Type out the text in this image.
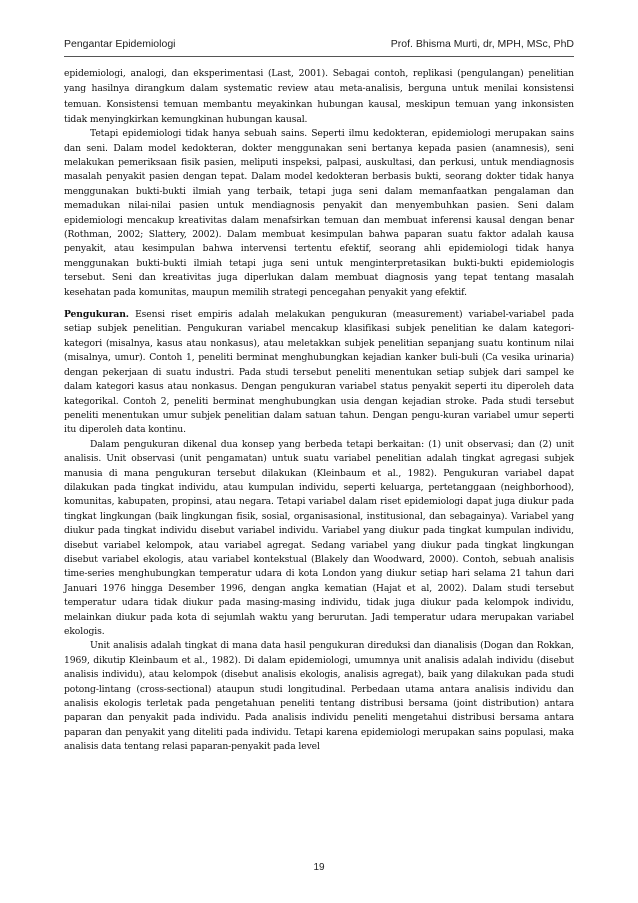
Pengantar Epidemiologi	Prof. Bhisma Murti, dr, MPH, MSc, PhD

epidemiologi, analogi, dan eksperimentasi (Last, 2001). Sebagai contoh, replikasi (pengulangan) penelitian yang hasilnya dirangkum dalam systematic review atau meta-analisis, berguna untuk menilai konsistensi temuan. Konsistensi temuan membantu meyakinkan hubungan kausal, meskipun temuan yang inkonsisten tidak menyingkirkan kemungkinan hubungan kausal.

Tetapi epidemiologi tidak hanya sebuah sains. Seperti ilmu kedokteran, epidemiologi merupakan sains dan seni. Dalam model kedokteran, dokter menggunakan seni bertanya kepada pasien (anamnesis), seni melakukan pemeriksaan fisik pasien, meliputi inspeksi, palpasi, auskultasi, dan perkusi, untuk mendiagnosis masalah penyakit pasien dengan tepat. Dalam model kedokteran berbasis bukti, seorang dokter tidak hanya menggunakan bukti-bukti ilmiah yang terbaik, tetapi juga seni dalam memanfaatkan pengalaman dan memadukan nilai-nilai pasien untuk mendiagnosis penyakit dan menyembuhkan pasien. Seni dalam epidemiologi mencakup kreativitas dalam menafsirkan temuan dan membuat inferensi kausal dengan benar (Rothman, 2002; Slattery, 2002). Dalam membuat kesimpulan bahwa paparan suatu faktor adalah kausa penyakit, atau kesimpulan bahwa intervensi tertentu efektif, seorang ahli epidemiologi tidak hanya menggunakan bukti-bukti ilmiah tetapi juga seni untuk menginterpretasikan bukti-bukti epidemiologis tersebut. Seni dan kreativitas juga diperlukan dalam membuat diagnosis yang tepat tentang masalah kesehatan pada komunitas, maupun memilih strategi pencegahan penyakit yang efektif.

Pengukuran. Esensi riset empiris adalah melakukan pengukuran (measurement) variabel-variabel pada setiap subjek penelitian. Pengukuran variabel mencakup klasifikasi subjek penelitian ke dalam kategori-kategori (misalnya, kasus atau nonkasus), atau meletakkan subjek penelitian sepanjang suatu kontinum nilai (misalnya, umur). Contoh 1, peneliti berminat menghubungkan kejadian kanker buli-buli (Ca vesika urinaria) dengan pekerjaan di suatu industri. Pada studi tersebut peneliti menentukan setiap subjek dari sampel ke dalam kategori kasus atau nonkasus. Dengan pengukuran variabel status penyakit seperti itu diperoleh data kategorikal. Contoh 2, peneliti berminat menghubungkan usia dengan kejadian stroke. Pada studi tersebut peneliti menentukan umur subjek penelitian dalam satuan tahun. Dengan pengu-kuran variabel umur seperti itu diperoleh data kontinu.

Dalam pengukuran dikenal dua konsep yang berbeda tetapi berkaitan: (1) unit observasi; dan (2) unit analisis. Unit observasi (unit pengamatan) untuk suatu variabel penelitian adalah tingkat agregasi subjek manusia di mana pengukuran tersebut dilakukan (Kleinbaum et al., 1982). Pengukuran variabel dapat dilakukan pada tingkat individu, atau kumpulan individu, seperti keluarga, pertetanggaan (neighborhood), komunitas, kabupaten, propinsi, atau negara. Tetapi variabel dalam riset epidemiologi dapat juga diukur pada tingkat lingkungan (baik lingkungan fisik, sosial, organisasional, institusional, dan sebagainya). Variabel yang diukur pada tingkat individu disebut variabel individu. Variabel yang diukur pada tingkat kumpulan individu, disebut variabel kelompok, atau variabel agregat. Sedang variabel yang diukur pada tingkat lingkungan disebut variabel ekologis, atau variabel kontekstual (Blakely dan Woodward, 2000). Contoh, sebuah analisis time-series menghubungkan temperatur udara di kota London yang diukur setiap hari selama 21 tahun dari Januari 1976 hingga Desember 1996, dengan angka kematian (Hajat et al, 2002). Dalam studi tersebut temperatur udara tidak diukur pada masing-masing individu, tidak juga diukur pada kelompok individu, melainkan diukur pada kota di sejumlah waktu yang berurutan. Jadi temperatur udara merupakan variabel ekologis.

Unit analisis adalah tingkat di mana data hasil pengukuran direduksi dan dianalisis (Dogan dan Rokkan, 1969, dikutip Kleinbaum et al., 1982). Di dalam epidemiologi, umumnya unit analisis adalah individu (disebut analisis individu), atau kelompok (disebut analisis ekologis, analisis agregat), baik yang dilakukan pada studi potong-lintang (cross-sectional) ataupun studi longitudinal. Perbedaan utama antara analisis individu dan analisis ekologis terletak pada pengetahuan peneliti tentang distribusi bersama (joint distribution) antara paparan dan penyakit pada individu. Pada analisis individu peneliti mengetahui distribusi bersama antara paparan dan penyakit yang diteliti pada individu. Tetapi karena epidemiologi merupakan sains populasi, maka analisis data tentang relasi paparan-penyakit pada level

19
